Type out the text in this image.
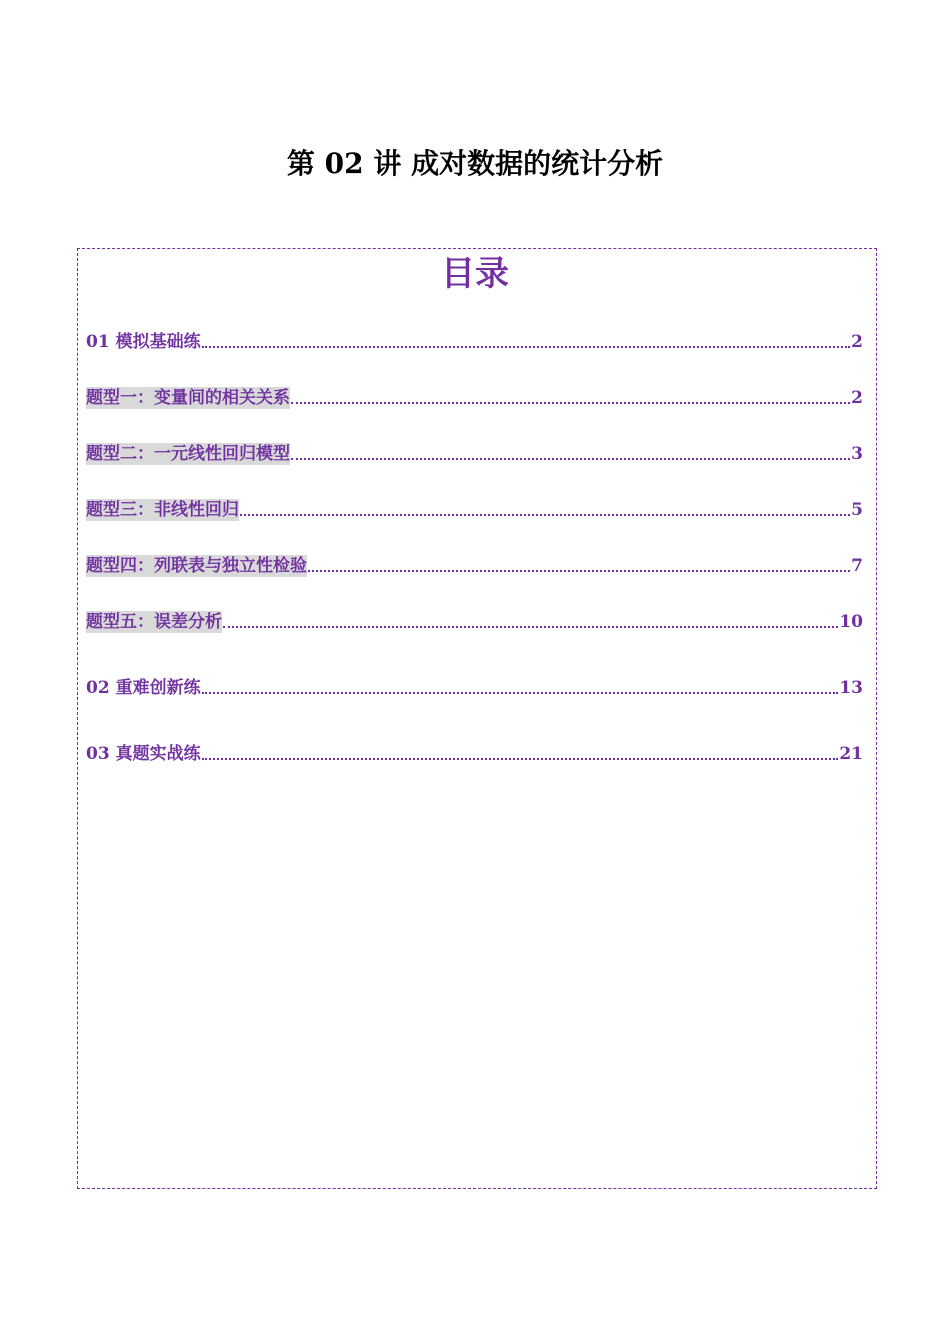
第 02 讲 成对数据的统计分析
目录
01 模拟基础练	2
题型一：变量间的相关关系	2
题型二：一元线性回归模型	3
题型三：非线性回归	5
题型四：列联表与独立性检验	7
题型五：误差分析	10
02 重难创新练	13
03 真题实战练	21
